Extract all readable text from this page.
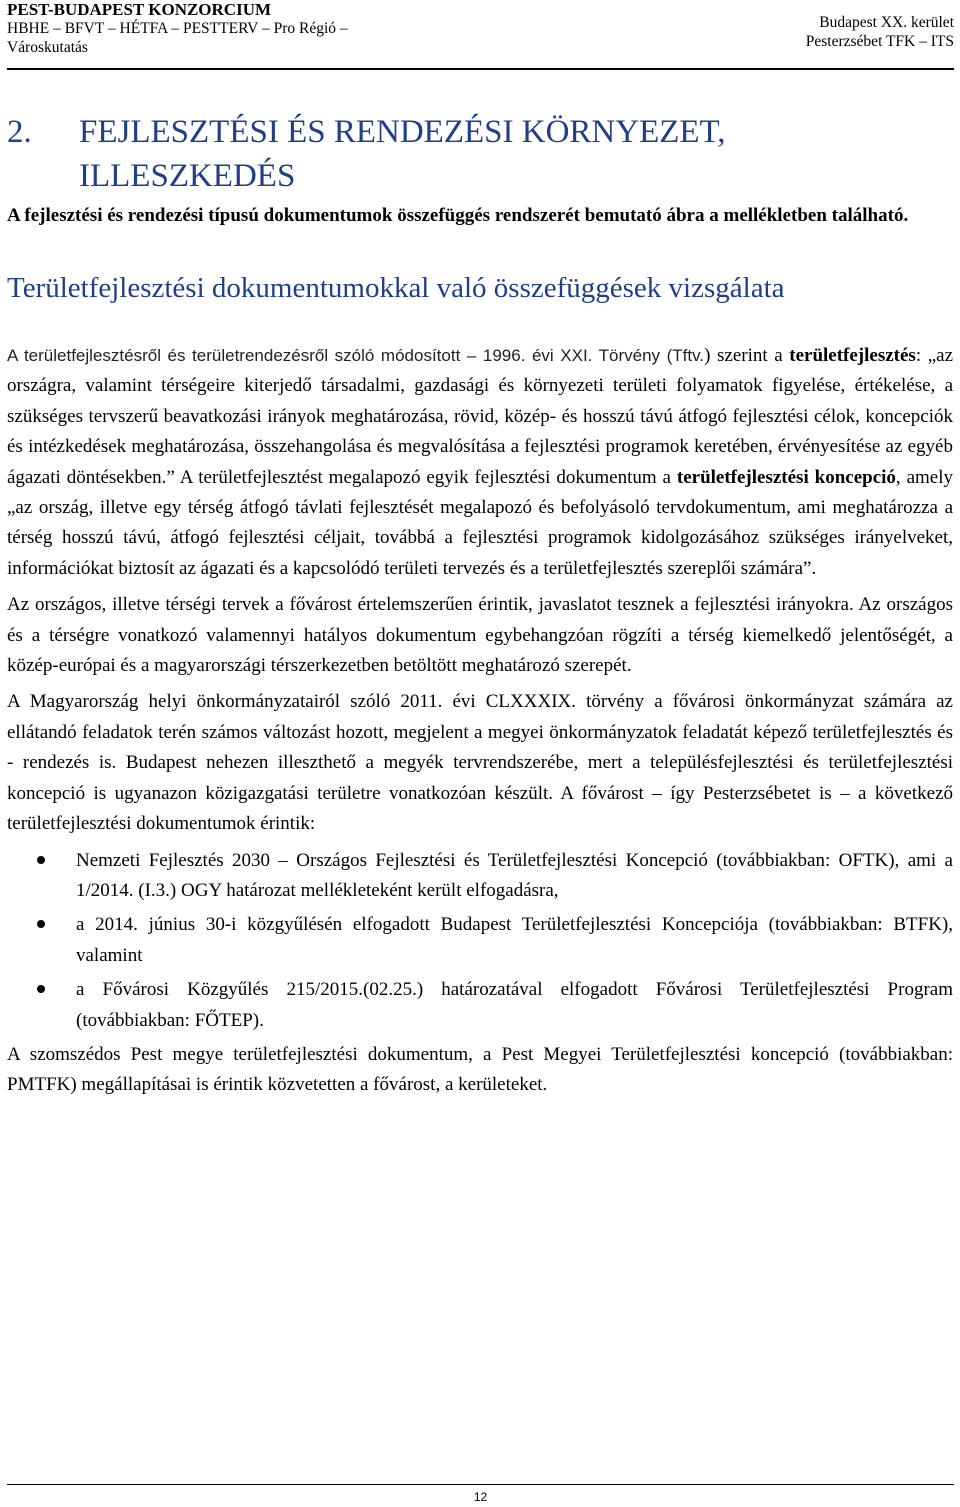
PEST-BUDAPEST KONZORCIUM
HBHE – BFVT – HÉTFA – PESTTERV – Pro Régió –
Városkutatás
Budapest XX. kerület
Pesterzsébet TFK – ITS
2. FEJLESZTÉSI ÉS RENDEZÉSI KÖRNYEZET,
ILLESZKEDÉS

A fejlesztési és rendezési típusú dokumentumok összefüggés rendszerét bemutató ábra a mellékletben található.

Területfejlesztési dokumentumokkal való összefüggések vizsgálata

A területfejlesztésről és területrendezésről szóló módosított – 1996. évi XXI. Törvény (Tftv.) szerint a területfejlesztés: „az országra, valamint térségeire kiterjedő társadalmi, gazdasági és környezeti területi folyamatok figyelése, értékelése, a szükséges tervszerű beavatkozási irányok meghatározása, rövid, közép- és hosszú távú átfogó fejlesztési célok, koncepciók és intézkedések meghatározása, összehangolása és megvalósítása a fejlesztési programok keretében, érvényesítése az egyéb ágazati döntésekben.” A területfejlesztést megalapozó egyik fejlesztési dokumentum a területfejlesztési koncepció, amely „az ország, illetve egy térség átfogó távlati fejlesztését megalapozó és befolyásoló tervdokumentum, ami meghatározza a térség hosszú távú, átfogó fejlesztési céljait, továbbá a fejlesztési programok kidolgozásához szükséges irányelveket, információkat biztosít az ágazati és a kapcsolódó területi tervezés és a területfejlesztés szereplői számára”.

Az országos, illetve térségi tervek a fővárost értelemszerűen érintik, javaslatot tesznek a fejlesztési irányokra. Az országos és a térségre vonatkozó valamennyi hatályos dokumentum egybehangzóan rögzíti a térség kiemelkedő jelentőségét, a közép-európai és a magyarországi térszerkezetben betöltött meghatározó szerepét.

A Magyarország helyi önkormányzatairól szóló 2011. évi CLXXXIX. törvény a fővárosi önkormányzat számára az ellátandó feladatok terén számos változást hozott, megjelent a megyei önkormányzatok feladatát képező területfejlesztés és - rendezés is. Budapest nehezen illeszthető a megyék tervrendszerébe, mert a településfejlesztési és területfejlesztési koncepció is ugyanazon közigazgatási területre vonatkozóan készült. A fővárost – így Pesterzsébetet is – a következő területfejlesztési dokumentumok érintik:

Nemzeti Fejlesztés 2030 – Országos Fejlesztési és Területfejlesztési Koncepció (továbbiakban: OFTK), ami a 1/2014. (I.3.) OGY határozat mellékleteként került elfogadásra,
a 2014. június 30-i közgyűlésén elfogadott Budapest Területfejlesztési Koncepciója (továbbiakban: BTFK), valamint
a Fővárosi Közgyűlés 215/2015.(02.25.) határozatával elfogadott Fővárosi Területfejlesztési Program (továbbiakban: FŐTEP).

A szomszédos Pest megye területfejlesztési dokumentum, a Pest Megyei Területfejlesztési koncepció (továbbiakban: PMTFK) megállapításai is érintik közvetetten a fővárost, a kerületeket.

12
